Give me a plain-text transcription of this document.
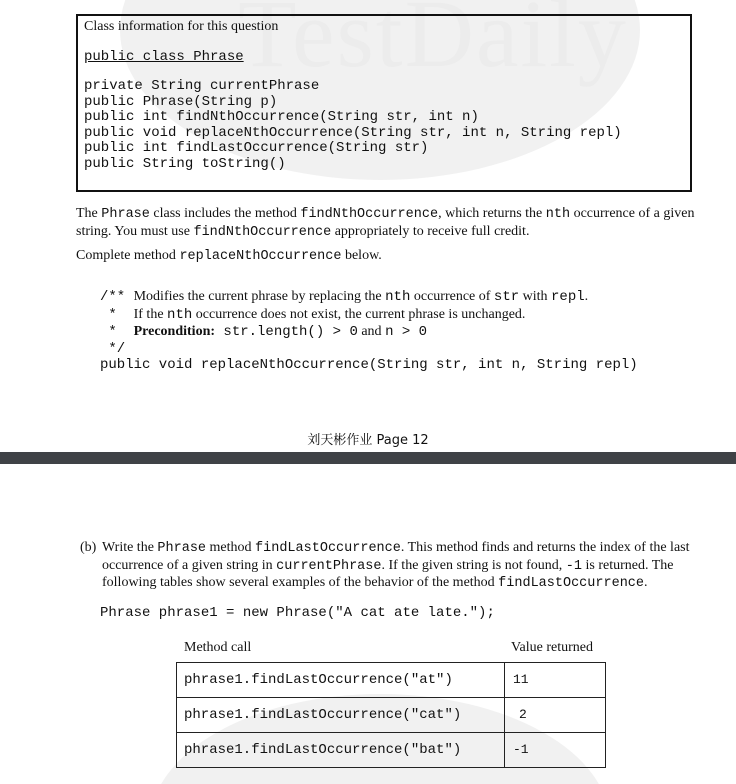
TestDaily
Class information for this question
public class Phrase
private String currentPhrase
public Phrase(String p)
public int findNthOccurrence(String str, int n)
public void replaceNthOccurrence(String str, int n, String repl)
public int findLastOccurrence(String str)
public String toString()
The Phrase class includes the method findNthOccurrence, which returns the nth occurrence of a given string. You must use findNthOccurrence appropriately to receive full credit.
Complete method replaceNthOccurrence below.
/** Modifies the current phrase by replacing the nth occurrence of str with repl.
*  If the nth occurrence does not exist, the current phrase is unchanged.
*  Precondition: str.length() > 0 and n > 0
*/
public void replaceNthOccurrence(String str, int n, String repl)
刘天彬作业 Page 12
(b) Write the Phrase method findLastOccurrence. This method finds and returns the index of the last occurrence of a given string in currentPhrase. If the given string is not found, -1 is returned. The following tables show several examples of the behavior of the method findLastOccurrence.
Phrase phrase1 = new Phrase("A cat ate late.");
Method call	Value returned
phrase1.findLastOccurrence("at")	11
phrase1.findLastOccurrence("cat")	2
phrase1.findLastOccurrence("bat")	-1
